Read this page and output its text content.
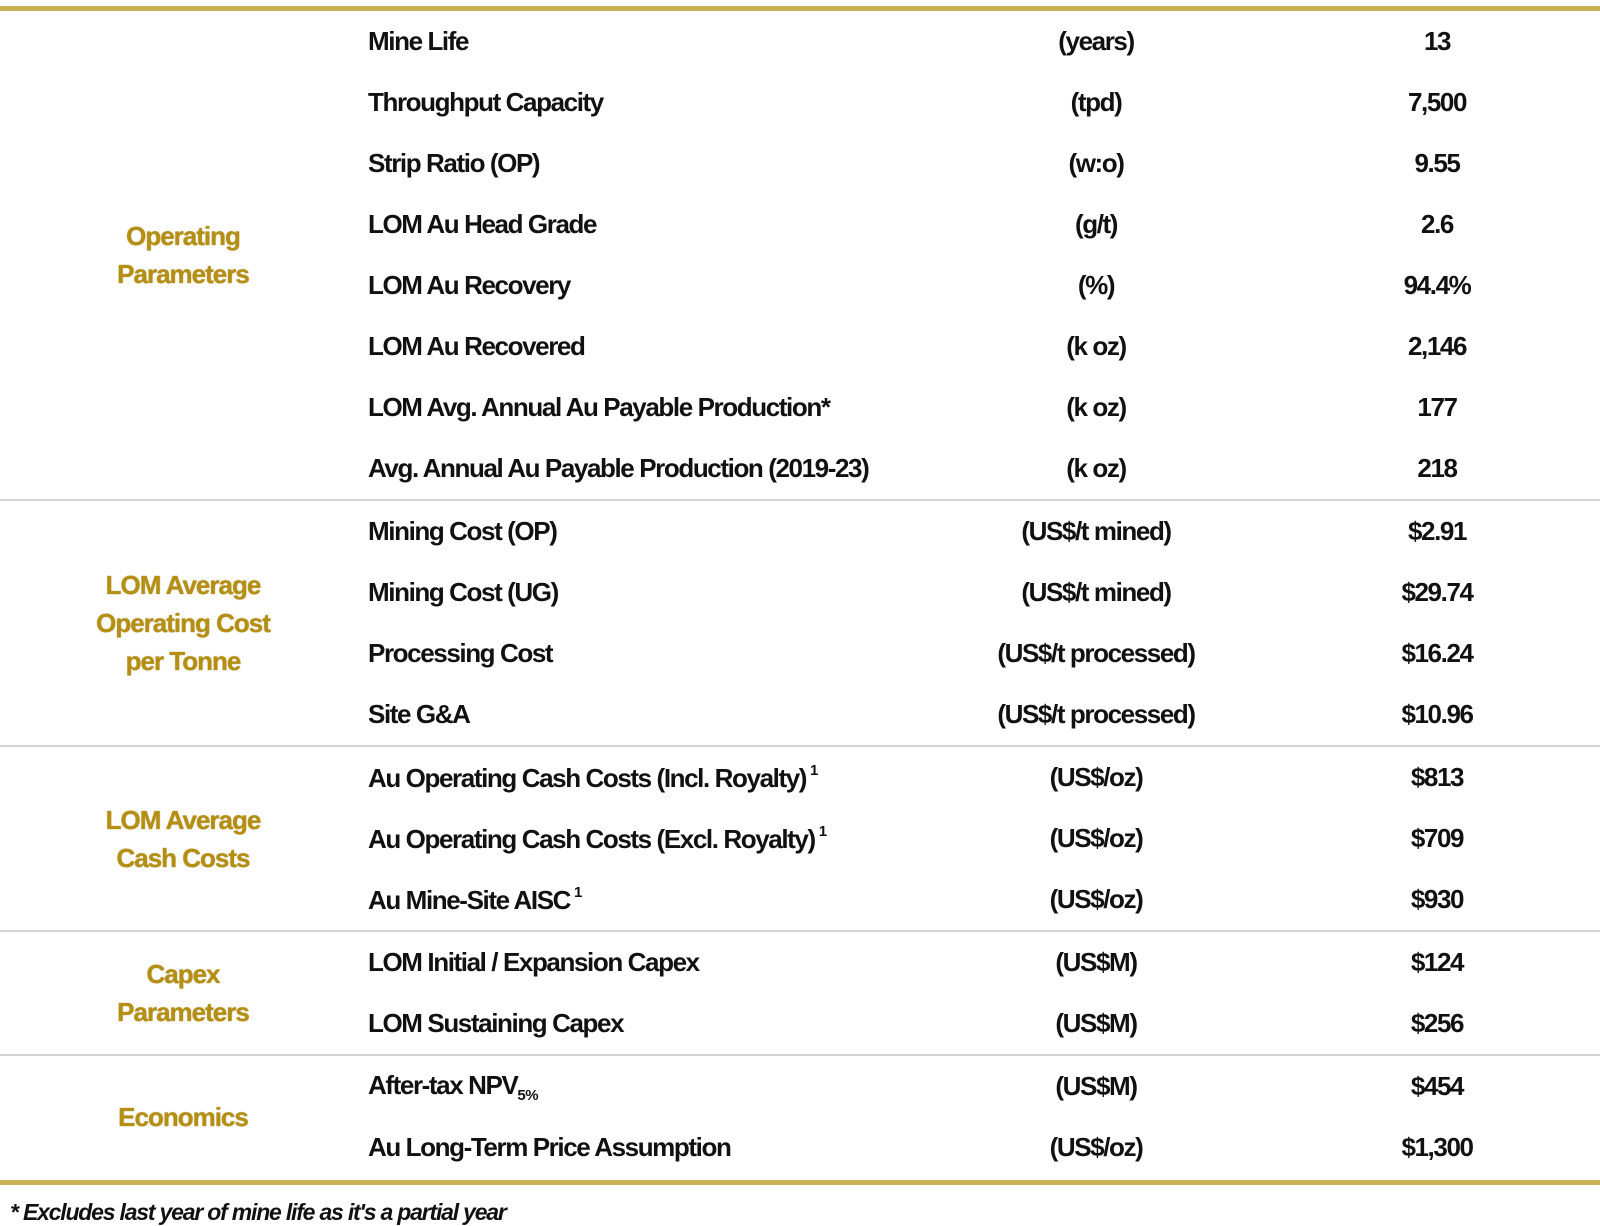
Operating
Parameters
Mine Life	(years)	13
Throughput Capacity	(tpd)	7,500
Strip Ratio (OP)	(w:o)	9.55
LOM Au Head Grade	(g/t)	2.6
LOM Au Recovery	(%)	94.4%
LOM Au Recovered	(k oz)	2,146
LOM Avg. Annual Au Payable Production*	(k oz)	177
Avg. Annual Au Payable Production (2019-23)	(k oz)	218
LOM Average
Operating Cost
per Tonne
Mining Cost (OP)	(US$/t mined)	$2.91
Mining Cost (UG)	(US$/t mined)	$29.74
Processing Cost	(US$/t processed)	$16.24
Site G&A	(US$/t processed)	$10.96
LOM Average
Cash Costs
Au Operating Cash Costs (Incl. Royalty) $^1$	(US$/oz)	$813
Au Operating Cash Costs (Excl. Royalty) $^1$	(US$/oz)	$709
Au Mine-Site AISC $^1$	(US$/oz)	$930
Capex
Parameters
LOM Initial / Expansion Capex	(US$M)	$124
LOM Sustaining Capex	(US$M)	$256
Economics
After-tax $NPV_{5\%}$	(US$M)	$454
Au Long-Term Price Assumption	(US$/oz)	$1,300
* Excludes last year of mine life as it's a partial year
